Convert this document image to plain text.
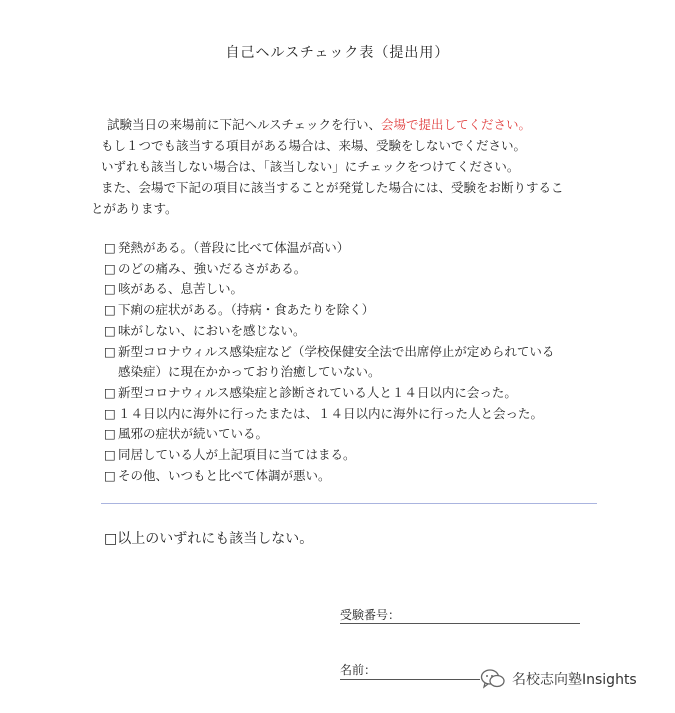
自己ヘルスチェック表（提出用）
試験当日の来場前に下記ヘルスチェックを行い、会場で提出してください。
もし１つでも該当する項目がある場合は、来場、受験をしないでください。
いずれも該当しない場合は、「該当しない」にチェックをつけてください。
また、会場で下記の項目に該当することが発覚した場合には、受験をお断りするこ
とがあります。
□ 発熱がある。（普段に比べて体温が高い）
□ のどの痛み、強いだるさがある。
□ 咳がある、息苦しい。
□ 下痢の症状がある。（持病・食あたりを除く）
□ 味がしない、においを感じない。
□ 新型コロナウィルス感染症など（学校保健安全法で出席停止が定められている
感染症）に現在かかっており治癒していない。
□ 新型コロナウィルス感染症と診断されている人と１４日以内に会った。
□ １４日以内に海外に行ったまたは、１４日以内に海外に行った人と会った。
□ 風邪の症状が続いている。
□ 同居している人が上記項目に当てはまる。
□ その他、いつもと比べて体調が悪い。
□以上のいずれにも該当しない。
受験番号：
名前：
名校志向塾Insights
